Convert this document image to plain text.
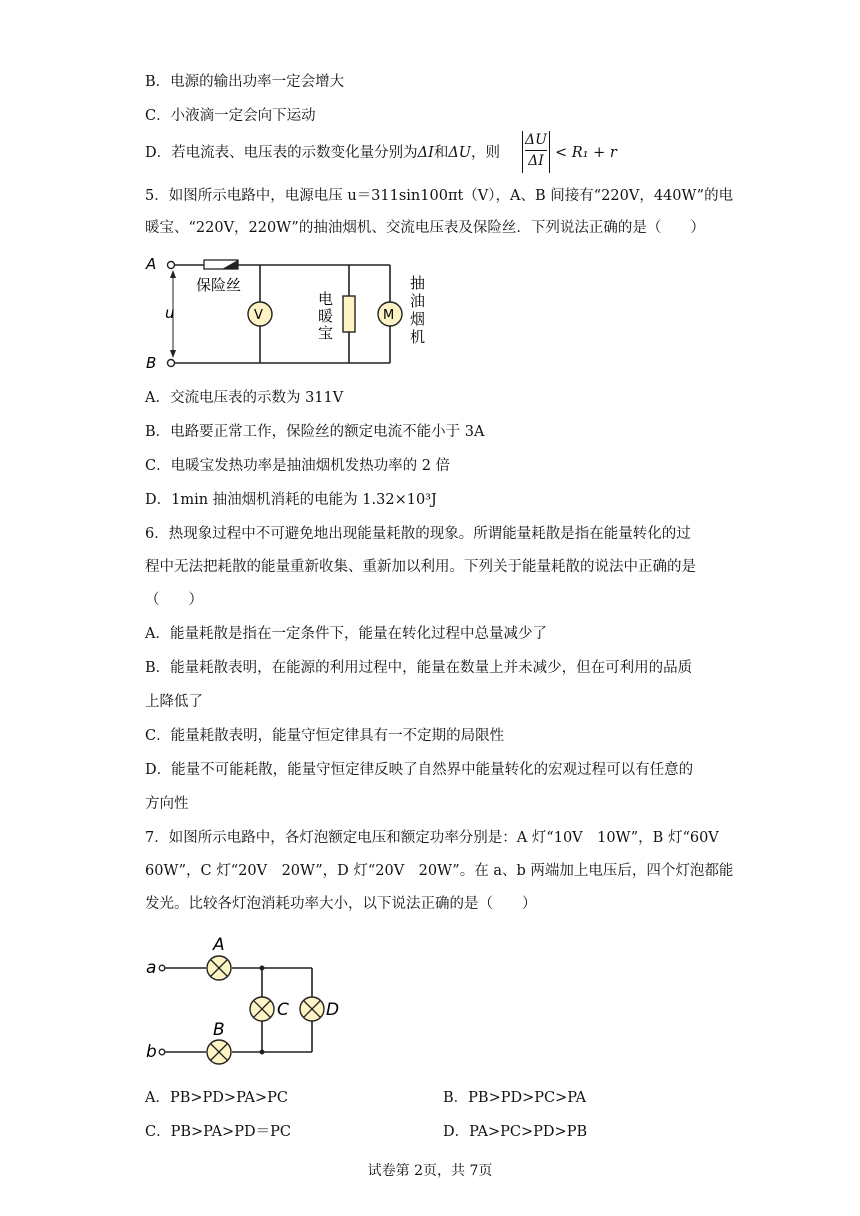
B．电源的输出功率一定会增大
C．小液滴一定会向下运动
D．若电流表、电压表的示数变化量分别为ΔI和ΔU，则
ΔU
ΔI < R₁ + r
5．如图所示电路中，电源电压 u＝311sin100πt（V），A、B 间接有“220V，440W”的电
暖宝、“220V，220W”的抽油烟机、交流电压表及保险丝．下列说法正确的是（　　）
A
B
u
保险丝
V
电
暖
宝
M
抽
油
烟
机
A．交流电压表的示数为 311V
B．电路要正常工作，保险丝的额定电流不能小于 3A
C．电暖宝发热功率是抽油烟机发热功率的 2 倍
D．1min 抽油烟机消耗的电能为 1.32×10³J
6．热现象过程中不可避免地出现能量耗散的现象。所谓能量耗散是指在能量转化的过
程中无法把耗散的能量重新收集、重新加以利用。下列关于能量耗散的说法中正确的是
（　　）
A．能量耗散是指在一定条件下，能量在转化过程中总量减少了
B．能量耗散表明，在能源的利用过程中，能量在数量上并未减少，但在可利用的品质
上降低了
C．能量耗散表明，能量守恒定律具有一不定期的局限性
D．能量不可能耗散，能量守恒定律反映了自然界中能量转化的宏观过程可以有任意的
方向性
7．如图所示电路中，各灯泡额定电压和额定功率分别是：A 灯“10V　10W”，B 灯“60V
60W”，C 灯“20V　20W”，D 灯“20V　20W”。在 a、b 两端加上电压后，四个灯泡都能
发光。比较各灯泡消耗功率大小，以下说法正确的是（　　）
a
b
A
B
C D
A．PB>PD>PA>PC	B．PB>PD>PC>PA
C．PB>PA>PD＝PC	D．PA>PC>PD>PB
试卷第 2页，共 7页
